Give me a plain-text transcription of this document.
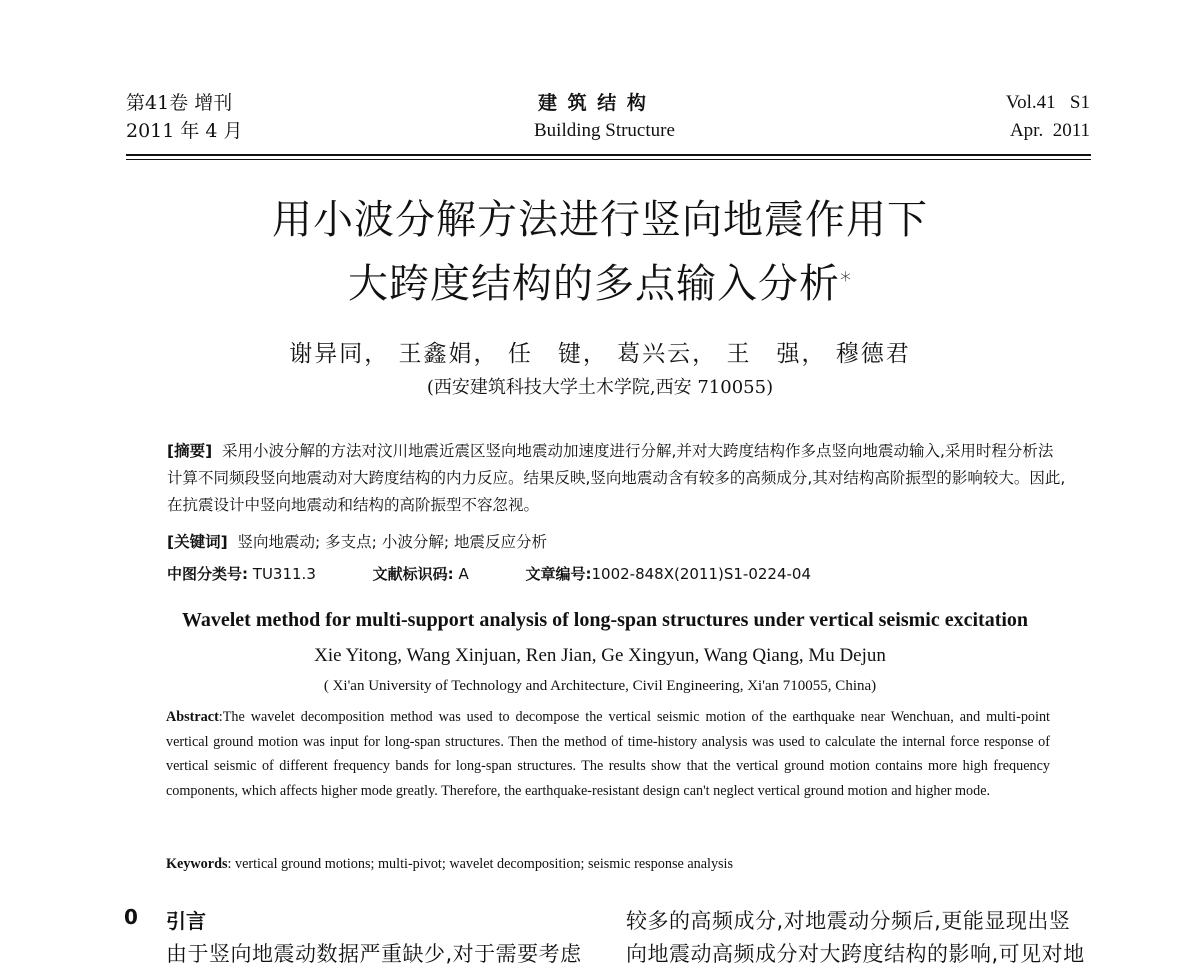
第41卷 增刊
2011 年 4 月
建 筑 结 构
Building Structure
Vol.41   S1
Apr.  2011
用小波分解方法进行竖向地震作用下
大跨度结构的多点输入分析*
谢异同， 王鑫娟， 任　键， 葛兴云， 王　强， 穆德君
(西安建筑科技大学土木学院,西安 710055)
[摘要] 采用小波分解的方法对汶川地震近震区竖向地震动加速度进行分解,并对大跨度结构作多点竖向地震动输入,采用时程分析法计算不同频段竖向地震动对大跨度结构的内力反应。结果反映,竖向地震动含有较多的高频成分,其对结构高阶振型的影响较大。因此,在抗震设计中竖向地震动和结构的高阶振型不容忽视。
[关键词] 竖向地震动; 多支点; 小波分解; 地震反应分析
中图分类号: TU311.3	文献标识码: A	文章编号:1002-848X(2011)S1-0224-04
Wavelet method for multi-support analysis of long-span structures under vertical seismic excitation
Xie Yitong, Wang Xinjuan, Ren Jian, Ge Xingyun, Wang Qiang, Mu Dejun
( Xi'an University of Technology and Architecture, Civil Engineering, Xi'an 710055, China)
Abstract:The wavelet decomposition method was used to decompose the vertical seismic motion of the earthquake near Wenchuan, and multi-point vertical ground motion was input for long-span structures. Then the method of time-history analysis was used to calculate the internal force response of vertical seismic of different frequency bands for long-span structures. The results show that the vertical ground motion contains more high frequency components, which affects higher mode greatly. Therefore, the earthquake-resistant design can't neglect vertical ground motion and higher mode.
Keywords: vertical ground motions; multi-pivot; wavelet decomposition; seismic response analysis
0 引言
由于竖向地震动数据严重缺少,对于需要考虑
较多的高频成分,对地震动分频后,更能显现出竖
向地震动高频成分对大跨度结构的影响,可见对地
